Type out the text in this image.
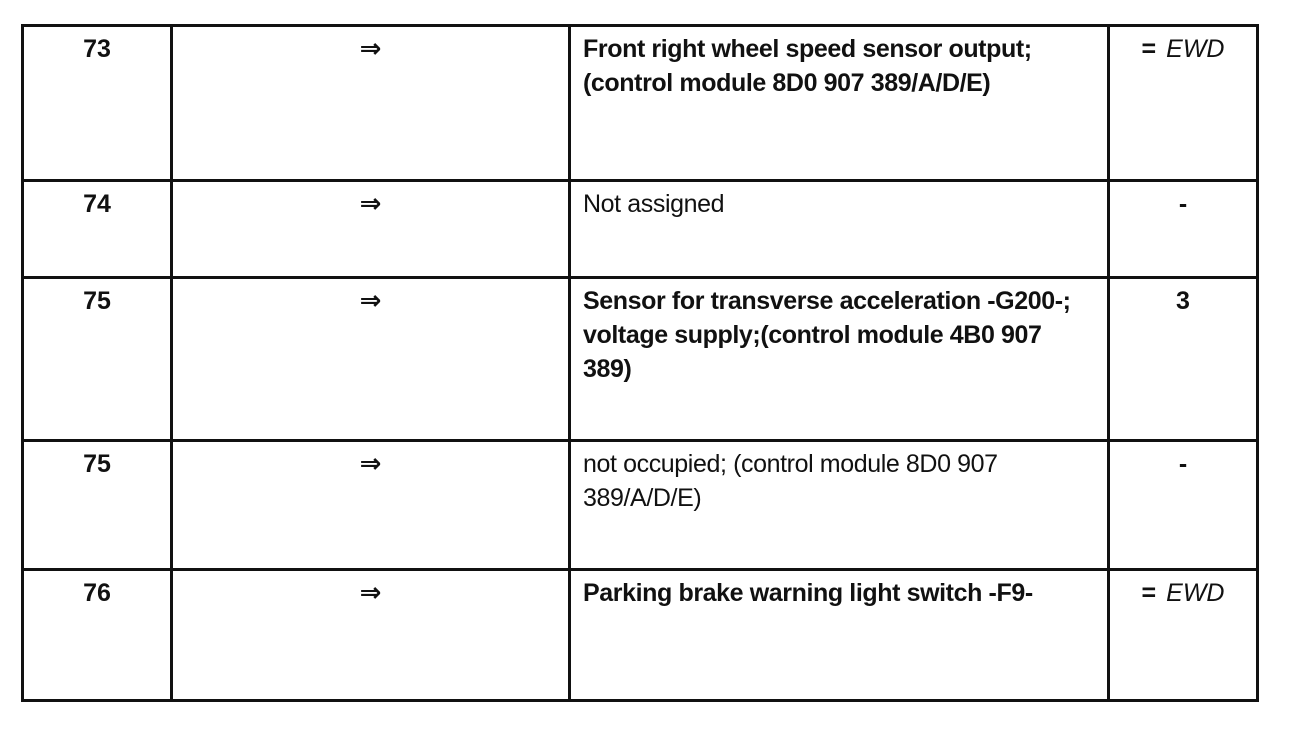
73	⇒	Front right wheel speed sensor output; (control module 8D0 907 389/A/D/E)	= EWD
74	⇒	Not assigned	-
75	⇒	Sensor for transverse acceleration -G200-; voltage supply;(control module 4B0 907 389)	3
75	⇒	not occupied; (control module 8D0 907 389/A/D/E)	-
76	⇒	Parking brake warning light switch -F9-	= EWD
